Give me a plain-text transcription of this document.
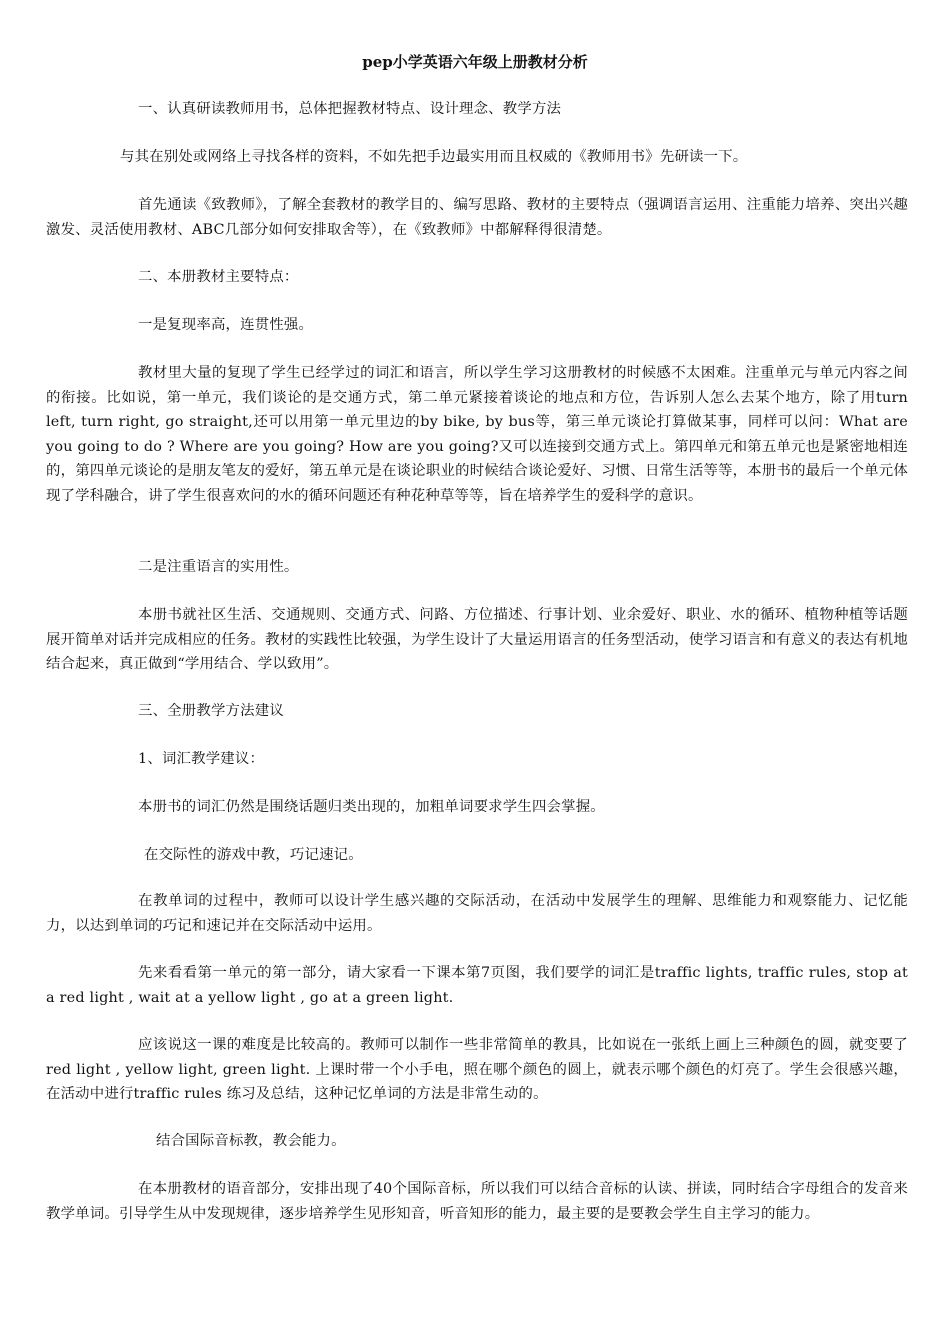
pep小学英语六年级上册教材分析
一、认真研读教师用书，总体把握教材特点、设计理念、教学方法
与其在别处或网络上寻找各样的资料，不如先把手边最实用而且权威的《教师用书》先研读一下。
首先通读《致教师》，了解全套教材的教学目的、编写思路、教材的主要特点（强调语言运用、注重能力培养、突出兴趣激发、灵活使用教材、ABC几部分如何安排取舍等），在《致教师》中都解释得很清楚。
二、本册教材主要特点：
一是复现率高，连贯性强。
教材里大量的复现了学生已经学过的词汇和语言，所以学生学习这册教材的时候感不太困难。注重单元与单元内容之间的衔接。比如说，第一单元，我们谈论的是交通方式，第二单元紧接着谈论的地点和方位，告诉别人怎么去某个地方，除了用turn left, turn right, go straight,还可以用第一单元里边的by bike, by bus等，第三单元谈论打算做某事，同样可以问：What are you going to do ? Where are you going? How are you going?又可以连接到交通方式上。第四单元和第五单元也是紧密地相连的，第四单元谈论的是朋友笔友的爱好，第五单元是在谈论职业的时候结合谈论爱好、习惯、日常生活等等，本册书的最后一个单元体现了学科融合，讲了学生很喜欢问的水的循环问题还有种花种草等等，旨在培养学生的爱科学的意识。
二是注重语言的实用性。
本册书就社区生活、交通规则、交通方式、问路、方位描述、行事计划、业余爱好、职业、水的循环、植物种植等话题展开简单对话并完成相应的任务。教材的实践性比较强，为学生设计了大量运用语言的任务型活动，使学习语言和有意义的表达有机地结合起来，真正做到“学用结合、学以致用”。
三、全册教学方法建议
1、词汇教学建议：
本册书的词汇仍然是围绕话题归类出现的，加粗单词要求学生四会掌握。
在交际性的游戏中教，巧记速记。
在教单词的过程中，教师可以设计学生感兴趣的交际活动，在活动中发展学生的理解、思维能力和观察能力、记忆能力，以达到单词的巧记和速记并在交际活动中运用。
先来看看第一单元的第一部分，请大家看一下课本第7页图，我们要学的词汇是traffic lights, traffic rules, stop at a red light , wait at a yellow light , go at a green light.
应该说这一课的难度是比较高的。教师可以制作一些非常简单的教具，比如说在一张纸上画上三种颜色的圆，就变要了red light , yellow light, green light. 上课时带一个小手电，照在哪个颜色的圆上，就表示哪个颜色的灯亮了。学生会很感兴趣，在活动中进行traffic rules 练习及总结，这种记忆单词的方法是非常生动的。
结合国际音标教，教会能力。
在本册教材的语音部分，安排出现了40个国际音标，所以我们可以结合音标的认读、拼读，同时结合字母组合的发音来教学单词。引导学生从中发现规律，逐步培养学生见形知音，听音知形的能力，最主要的是要教会学生自主学习的能力。
